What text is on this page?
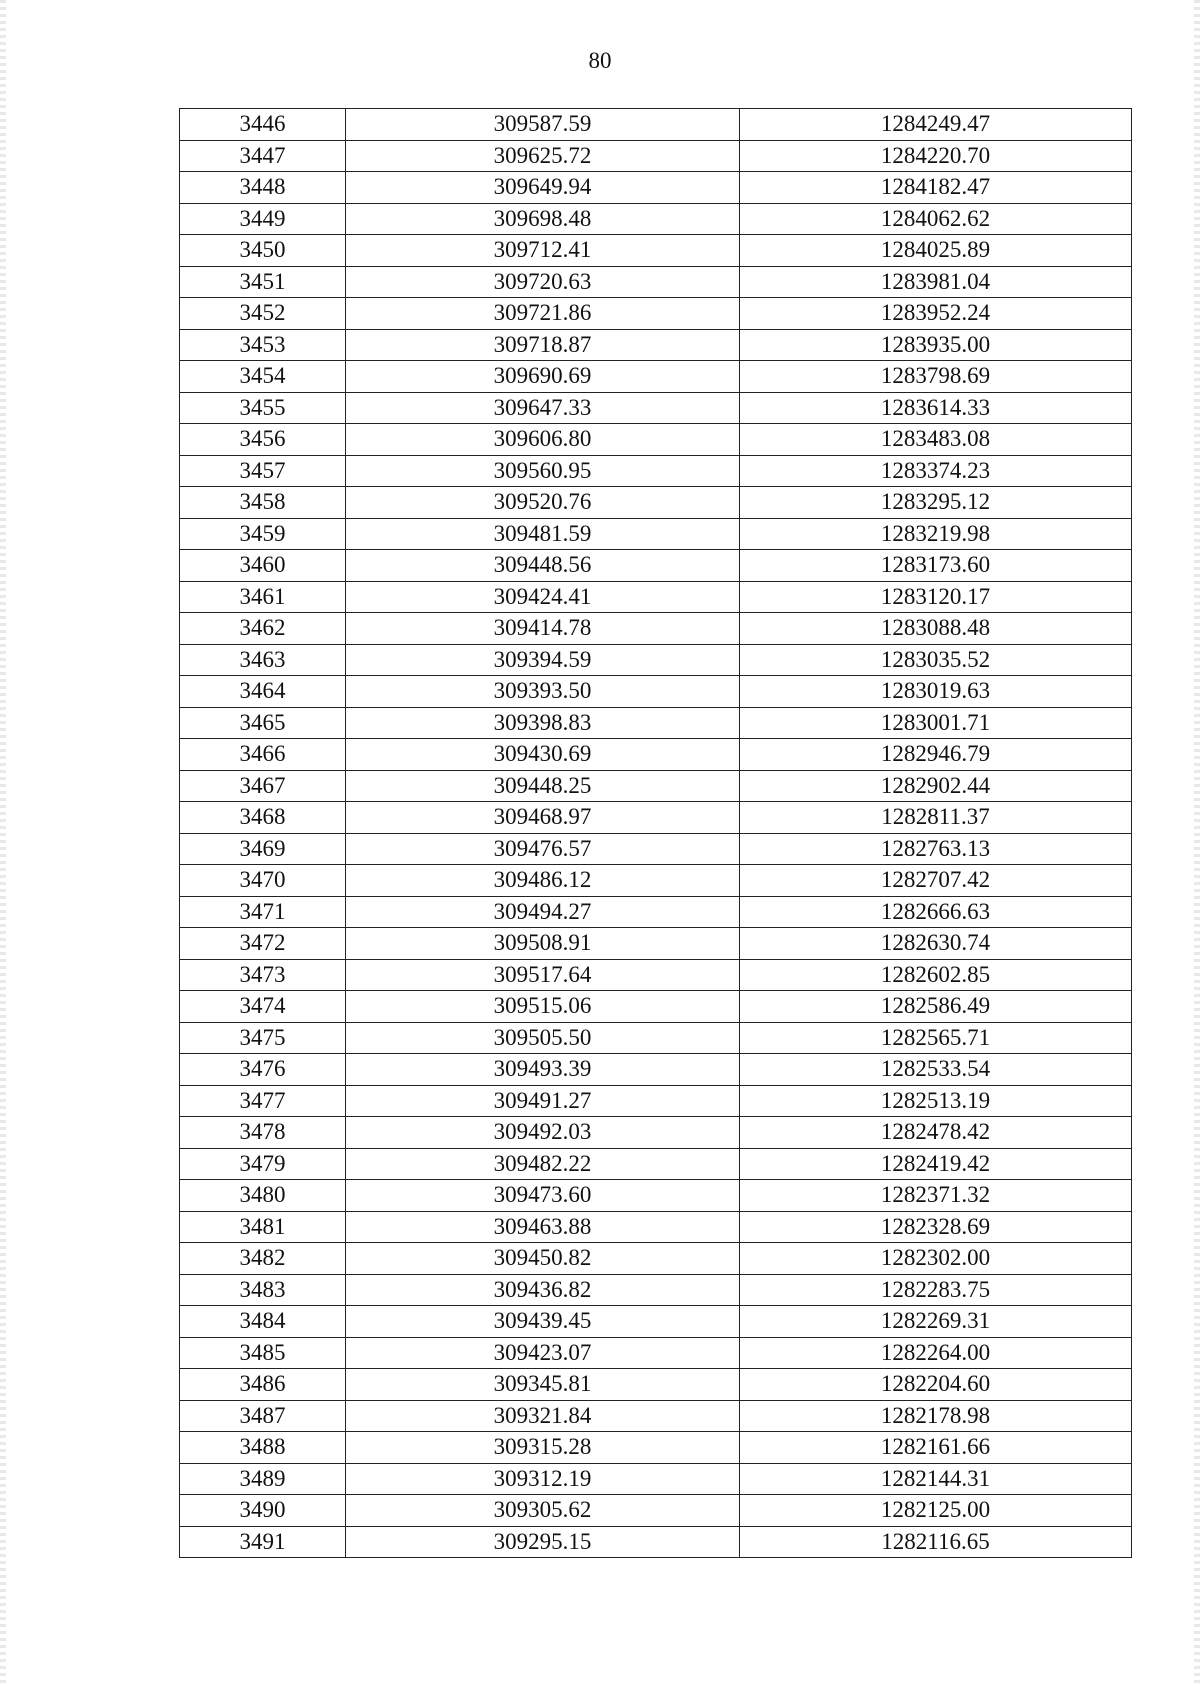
80
3446	309587.59	1284249.47
3447	309625.72	1284220.70
3448	309649.94	1284182.47
3449	309698.48	1284062.62
3450	309712.41	1284025.89
3451	309720.63	1283981.04
3452	309721.86	1283952.24
3453	309718.87	1283935.00
3454	309690.69	1283798.69
3455	309647.33	1283614.33
3456	309606.80	1283483.08
3457	309560.95	1283374.23
3458	309520.76	1283295.12
3459	309481.59	1283219.98
3460	309448.56	1283173.60
3461	309424.41	1283120.17
3462	309414.78	1283088.48
3463	309394.59	1283035.52
3464	309393.50	1283019.63
3465	309398.83	1283001.71
3466	309430.69	1282946.79
3467	309448.25	1282902.44
3468	309468.97	1282811.37
3469	309476.57	1282763.13
3470	309486.12	1282707.42
3471	309494.27	1282666.63
3472	309508.91	1282630.74
3473	309517.64	1282602.85
3474	309515.06	1282586.49
3475	309505.50	1282565.71
3476	309493.39	1282533.54
3477	309491.27	1282513.19
3478	309492.03	1282478.42
3479	309482.22	1282419.42
3480	309473.60	1282371.32
3481	309463.88	1282328.69
3482	309450.82	1282302.00
3483	309436.82	1282283.75
3484	309439.45	1282269.31
3485	309423.07	1282264.00
3486	309345.81	1282204.60
3487	309321.84	1282178.98
3488	309315.28	1282161.66
3489	309312.19	1282144.31
3490	309305.62	1282125.00
3491	309295.15	1282116.65
